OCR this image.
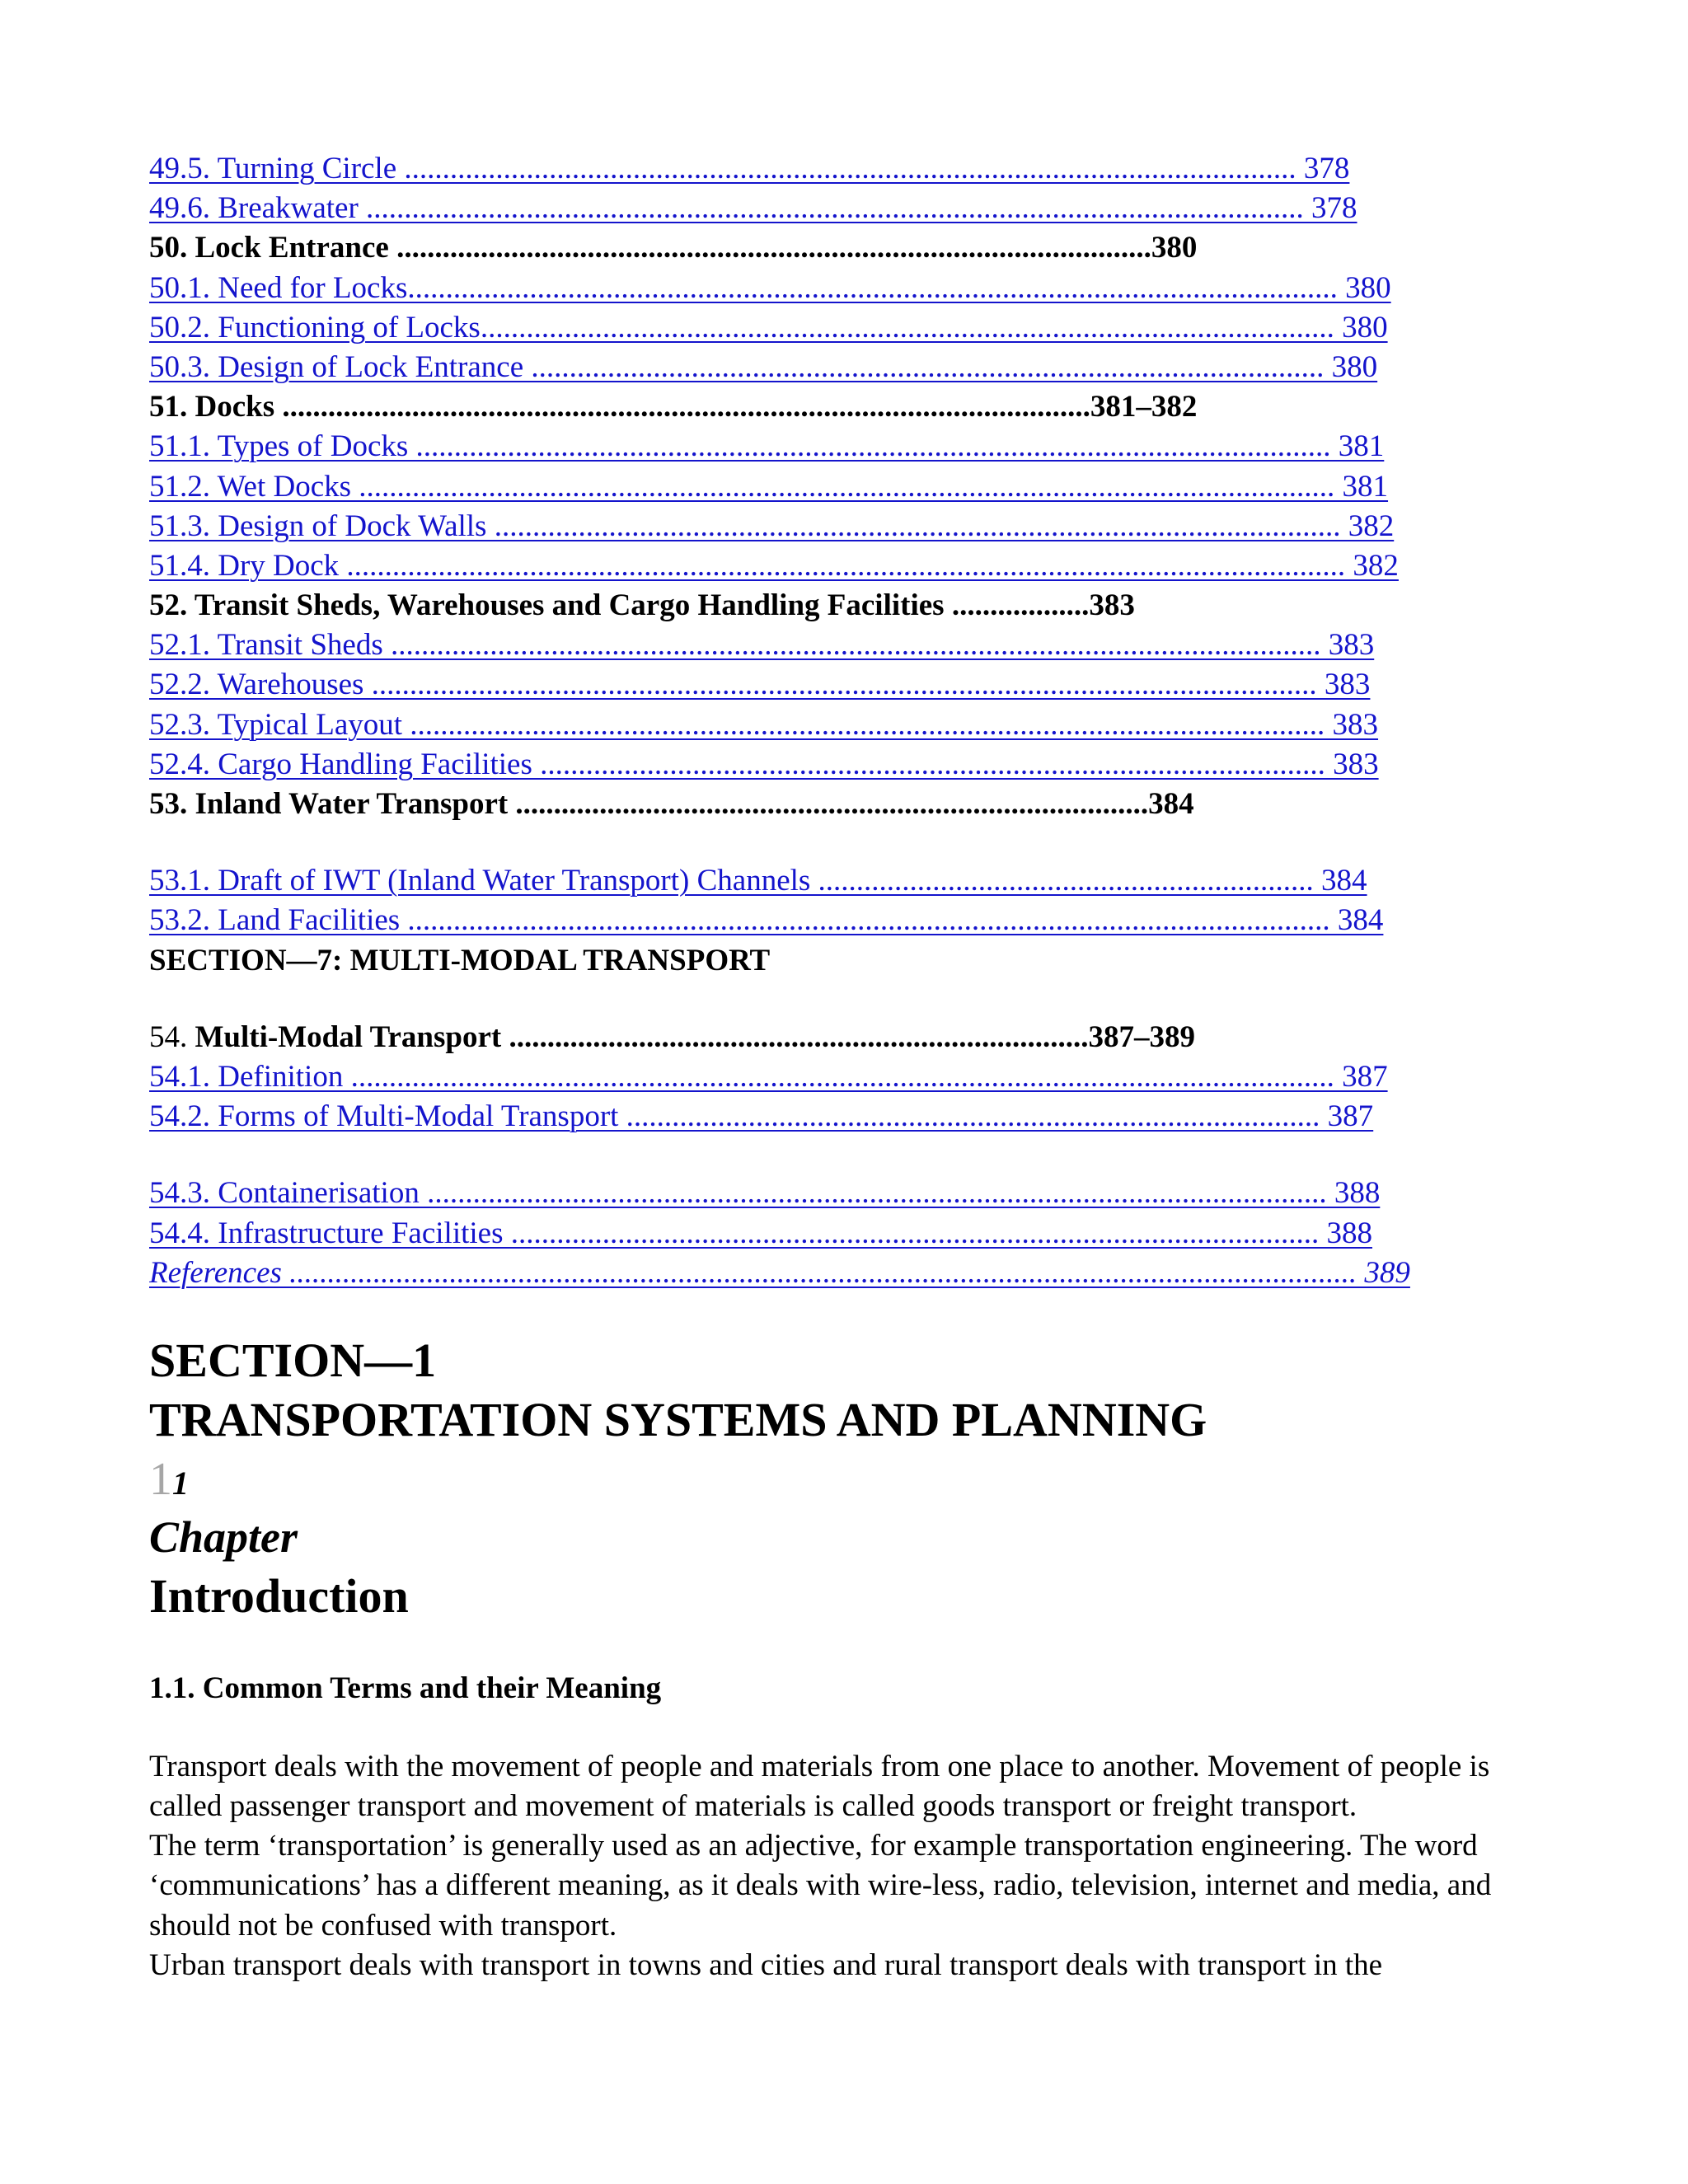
49.5. Turning Circle ..................................................................................................................... 378
49.6. Breakwater ........................................................................................................................... 378
50. Lock Entrance ...................................................................................................380
50.1. Need for Locks.......................................................................................................................... 380
50.2. Functioning of Locks................................................................................................................ 380
50.3. Design of Lock Entrance ........................................................................................................ 380
51. Docks ..........................................................................................................381–382
51.1. Types of Docks ........................................................................................................................ 381
51.2. Wet Docks ................................................................................................................................ 381
51.3. Design of Dock Walls ............................................................................................................... 382
51.4. Dry Dock ................................................................................................................................... 382
52. Transit Sheds, Warehouses and Cargo Handling Facilities ..................383
52.1. Transit Sheds .......................................................................................................................... 383
52.2. Warehouses ............................................................................................................................ 383
52.3. Typical Layout ........................................................................................................................ 383
52.4. Cargo Handling Facilities ....................................................................................................... 383
53. Inland Water Transport ...................................................................................384
53.1. Draft of IWT (Inland Water Transport) Channels ................................................................. 384
53.2. Land Facilities ......................................................................................................................... 384
SECTION—7: MULTI-MODAL TRANSPORT
54. Multi-Modal Transport ............................................................................387–389
54.1. Definition ................................................................................................................................. 387
54.2. Forms of Multi-Modal Transport ........................................................................................... 387
54.3. Containerisation ...................................................................................................................... 388
54.4. Infrastructure Facilities .......................................................................................................... 388
References ............................................................................................................................................ 389
SECTION—1
TRANSPORTATION SYSTEMS AND PLANNING
11
Chapter
Introduction
1.1. Common Terms and their Meaning

Transport deals with the movement of people and materials from one place to another. Movement of people is called passenger transport and movement of materials is called goods transport or freight transport.

The term ‘transportation’ is generally used as an adjective, for example transportation engineering. The word ‘communications’ has a different meaning, as it deals with wire-less, radio, television, internet and media, and should not be confused with transport.

Urban transport deals with transport in towns and cities and rural transport deals with transport in the
